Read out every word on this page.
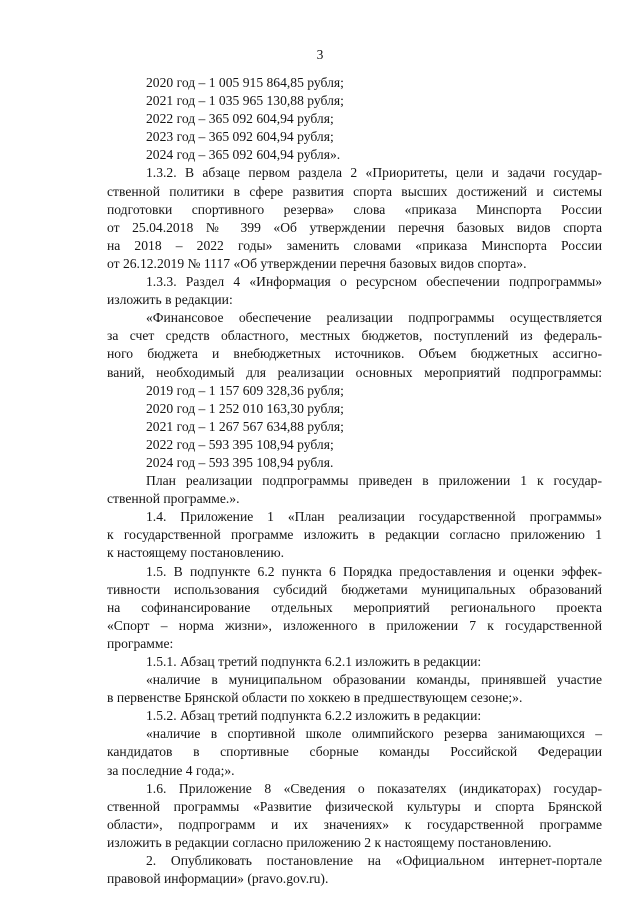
3
2020 год – 1 005 915 864,85 рубля;
2021 год – 1 035 965 130,88 рубля;
2022 год – 365 092 604,94 рубля;
2023 год – 365 092 604,94 рубля;
2024 год – 365 092 604,94 рубля».
1.3.2. В абзаце первом раздела 2 «Приоритеты, цели и задачи государ-
ственной политики в сфере развития спорта высших достижений и системы
подготовки спортивного резерва» слова «приказа Минспорта России
от 25.04.2018 № 399 «Об утверждении перечня базовых видов спорта
на 2018 – 2022 годы» заменить словами «приказа Минспорта России
от 26.12.2019 № 1117 «Об утверждении перечня базовых видов спорта».
1.3.3. Раздел 4 «Информация о ресурсном обеспечении подпрограммы»
изложить в редакции:
«Финансовое обеспечение реализации подпрограммы осуществляется
за счет средств областного, местных бюджетов, поступлений из федераль-
ного бюджета и внебюджетных источников. Объем бюджетных ассигно-
ваний, необходимый для реализации основных мероприятий подпрограммы:
2019 год – 1 157 609 328,36 рубля;
2020 год – 1 252 010 163,30 рубля;
2021 год – 1 267 567 634,88 рубля;
2022 год – 593 395 108,94 рубля;
2024 год – 593 395 108,94 рубля.
План реализации подпрограммы приведен в приложении 1 к государ-
ственной программе.».
1.4. Приложение 1 «План реализации государственной программы»
к государственной программе изложить в редакции согласно приложению 1
к настоящему постановлению.
1.5. В подпункте 6.2 пункта 6 Порядка предоставления и оценки эффек-
тивности использования субсидий бюджетами муниципальных образований
на софинансирование отдельных мероприятий регионального проекта
«Спорт – норма жизни», изложенного в приложении 7 к государственной
программе:
1.5.1. Абзац третий подпункта 6.2.1 изложить в редакции:
«наличие в муниципальном образовании команды, принявшей участие
в первенстве Брянской области по хоккею в предшествующем сезоне;».
1.5.2. Абзац третий подпункта 6.2.2 изложить в редакции:
«наличие в спортивной школе олимпийского резерва занимающихся –
кандидатов в спортивные сборные команды Российской Федерации
за последние 4 года;».
1.6. Приложение 8 «Сведения о показателях (индикаторах) государ-
ственной программы «Развитие физической культуры и спорта Брянской
области», подпрограмм и их значениях» к государственной программе
изложить в редакции согласно приложению 2 к настоящему постановлению.
2. Опубликовать постановление на «Официальном интернет-портале
правовой информации» (pravo.gov.ru).
